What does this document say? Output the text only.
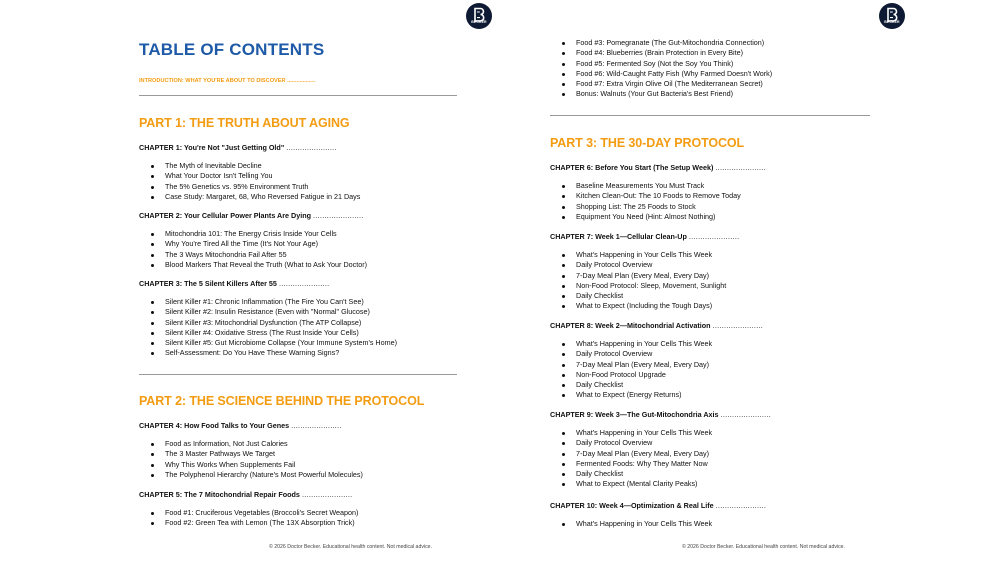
BECKER
TABLE OF CONTENTS
INTRODUCTION: WHAT YOU'RE ABOUT TO DISCOVER ..................
PART 1: THE TRUTH ABOUT AGING
CHAPTER 1: You're Not "Just Getting Old" ......................
The Myth of Inevitable Decline
What Your Doctor Isn't Telling You
The 5% Genetics vs. 95% Environment Truth
Case Study: Margaret, 68, Who Reversed Fatigue in 21 Days
CHAPTER 2: Your Cellular Power Plants Are Dying ......................
Mitochondria 101: The Energy Crisis Inside Your Cells
Why You're Tired All the Time (It's Not Your Age)
The 3 Ways Mitochondria Fail After 55
Blood Markers That Reveal the Truth (What to Ask Your Doctor)
CHAPTER 3: The 5 Silent Killers After 55 ......................
Silent Killer #1: Chronic Inflammation (The Fire You Can't See)
Silent Killer #2: Insulin Resistance (Even with "Normal" Glucose)
Silent Killer #3: Mitochondrial Dysfunction (The ATP Collapse)
Silent Killer #4: Oxidative Stress (The Rust Inside Your Cells)
Silent Killer #5: Gut Microbiome Collapse (Your Immune System's Home)
Self-Assessment: Do You Have These Warning Signs?
PART 2: THE SCIENCE BEHIND THE PROTOCOL
CHAPTER 4: How Food Talks to Your Genes ......................
Food as Information, Not Just Calories
The 3 Master Pathways We Target
Why This Works When Supplements Fail
The Polyphenol Hierarchy (Nature's Most Powerful Molecules)
CHAPTER 5: The 7 Mitochondrial Repair Foods ......................
Food #1: Cruciferous Vegetables (Broccoli's Secret Weapon)
Food #2: Green Tea with Lemon (The 13X Absorption Trick)
© 2026 Doctor Becker. Educational health content. Not medical advice.
BECKER
Food #3: Pomegranate (The Gut-Mitochondria Connection)
Food #4: Blueberries (Brain Protection in Every Bite)
Food #5: Fermented Soy (Not the Soy You Think)
Food #6: Wild-Caught Fatty Fish (Why Farmed Doesn't Work)
Food #7: Extra Virgin Olive Oil (The Mediterranean Secret)
Bonus: Walnuts (Your Gut Bacteria's Best Friend)
PART 3: THE 30-DAY PROTOCOL
CHAPTER 6: Before You Start (The Setup Week) ......................
Baseline Measurements You Must Track
Kitchen Clean-Out: The 10 Foods to Remove Today
Shopping List: The 25 Foods to Stock
Equipment You Need (Hint: Almost Nothing)
CHAPTER 7: Week 1—Cellular Clean-Up ......................
What's Happening in Your Cells This Week
Daily Protocol Overview
7-Day Meal Plan (Every Meal, Every Day)
Non-Food Protocol: Sleep, Movement, Sunlight
Daily Checklist
What to Expect (Including the Tough Days)
CHAPTER 8: Week 2—Mitochondrial Activation ......................
What's Happening in Your Cells This Week
Daily Protocol Overview
7-Day Meal Plan (Every Meal, Every Day)
Non-Food Protocol Upgrade
Daily Checklist
What to Expect (Energy Returns)
CHAPTER 9: Week 3—The Gut-Mitochondria Axis ......................
What's Happening in Your Cells This Week
Daily Protocol Overview
7-Day Meal Plan (Every Meal, Every Day)
Fermented Foods: Why They Matter Now
Daily Checklist
What to Expect (Mental Clarity Peaks)
CHAPTER 10: Week 4—Optimization & Real Life ......................
What's Happening in Your Cells This Week
© 2026 Doctor Becker. Educational health content. Not medical advice.
